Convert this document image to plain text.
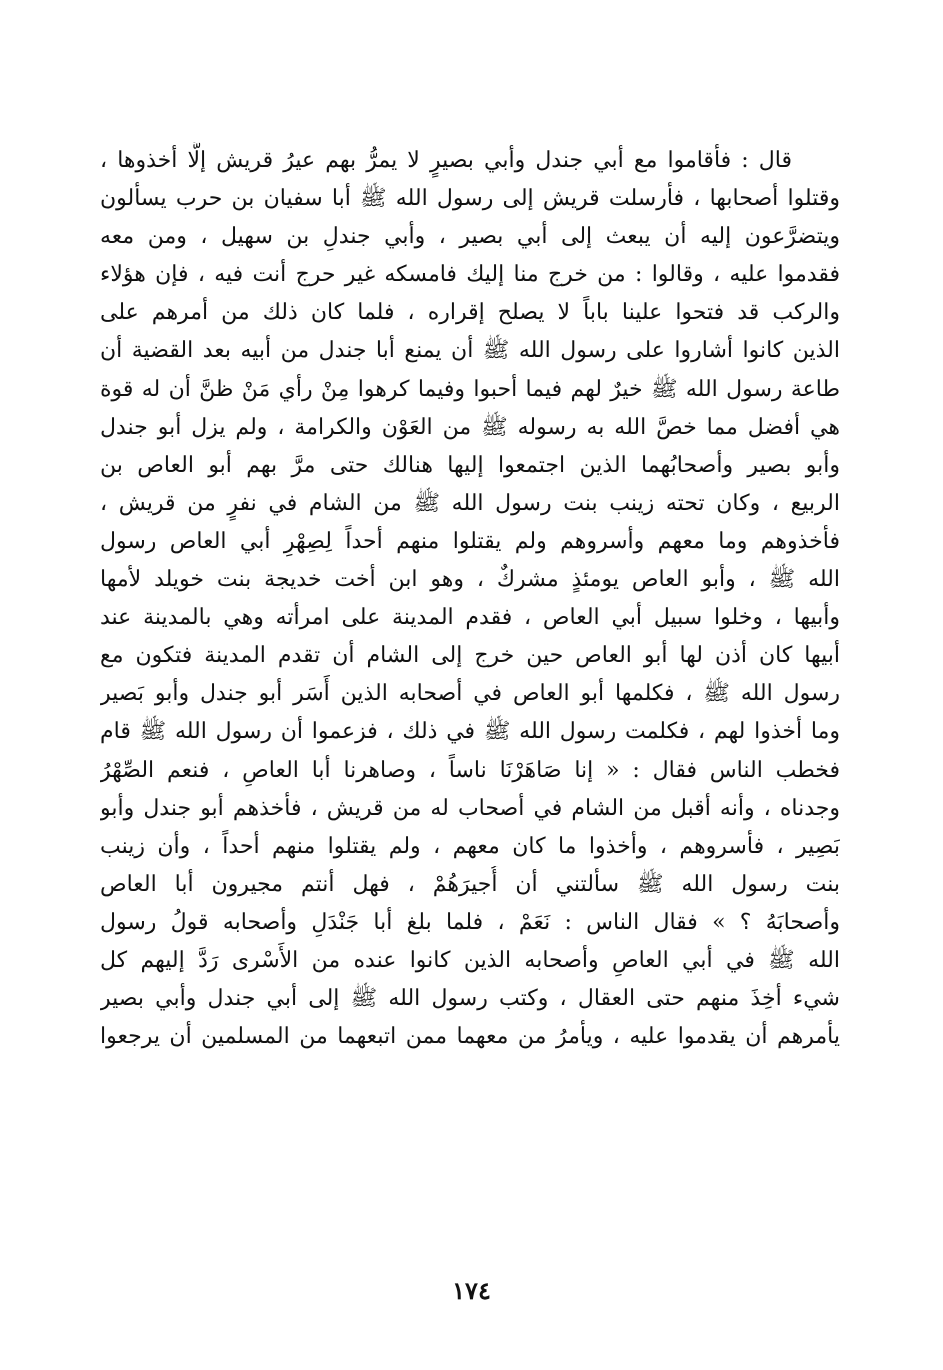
قال : فأقاموا مع أبي جندل وأبي بصيرٍ لا يمرُّ بهم عيرُ قريش إلَّا أخذوها ،
وقتلوا أصحابها ، فأرسلت قريش إلى رسول الله ﷺ أبا سفيان بن حرب يسألون
ويتضرَّعون إليه أن يبعث إلى أبي بصير ، وأبي جندلِ بن سهيل ، ومن معه
فقدموا عليه ، وقالوا : من خرج منا إليك فامسكه غير حرج أنت فيه ، فإن هؤلاء
والركب قد فتحوا علينا باباً لا يصلح إقراره ، فلما كان ذلك من أمرهم على
الذين كانوا أشاروا على رسول الله ﷺ أن يمنع أبا جندل من أبيه بعد القضية أن
طاعة رسول الله ﷺ خيرٌ لهم فيما أحبوا وفيما كرهوا مِنْ رأي مَنْ ظنَّ أن له قوة
هي أفضل مما خصَّ الله به رسوله ﷺ من العَوْن والكرامة ، ولم يزل أبو جندل
وأبو بصير وأصحابُهما الذين اجتمعوا إليها هنالك حتى مرَّ بهم أبو العاص بن
الربيع ، وكان تحته زينب بنت رسول الله ﷺ من الشام في نفرٍ من قريش ،
فأخذوهم وما معهم وأسروهم ولم يقتلوا منهم أحداً لِصِهْرِ أبي العاص رسول
الله ﷺ ، وأبو العاص يومئذٍ مشركٌ ، وهو ابن أخت خديجة بنت خويلد لأمها
وأبيها ، وخلوا سبيل أبي العاص ، فقدم المدينة على امرأته وهي بالمدينة عند
أبيها كان أذن لها أبو العاص حين خرج إلى الشام أن تقدم المدينة فتكون مع
رسول الله ﷺ ، فكلمها أبو العاص في أصحابه الذين أَسَر أبو جندل وأبو بَصير
وما أخذوا لهم ، فكلمت رسول الله ﷺ في ذلك ، فزعموا أن رسول الله ﷺ قام
فخطب الناس فقال : « إنا صَاهَرْنَا ناساً ، وصاهرنا أبا العاصِ ، فنعم الصِّهْرُ
وجدناه ، وأنه أقبل من الشام في أصحاب له من قريش ، فأخذهم أبو جندل وأبو
بَصِير ، فأسروهم ، وأخذوا ما كان معهم ، ولم يقتلوا منهم أحداً ، وأن زينب
بنت رسول الله ﷺ سألتني أن أُجيرَهُمْ ، فهل أنتم مجيرون أبا العاص
وأصحابَهُ ؟ » فقال الناس : نَعَمْ ، فلما بلغ أبا جَنْدَلِ وأصحابه قولُ رسول
الله ﷺ في أبي العاصِ وأصحابه الذين كانوا عنده من الأَسْرى رَدَّ إليهم كل
شيء أخِذَ منهم حتى العقال ، وكتب رسول الله ﷺ إلى أبي جندل وأبي بصير
يأمرهم أن يقدموا عليه ، ويأمرُ من معهما ممن اتبعهما من المسلمين أن يرجعوا
١٧٤
